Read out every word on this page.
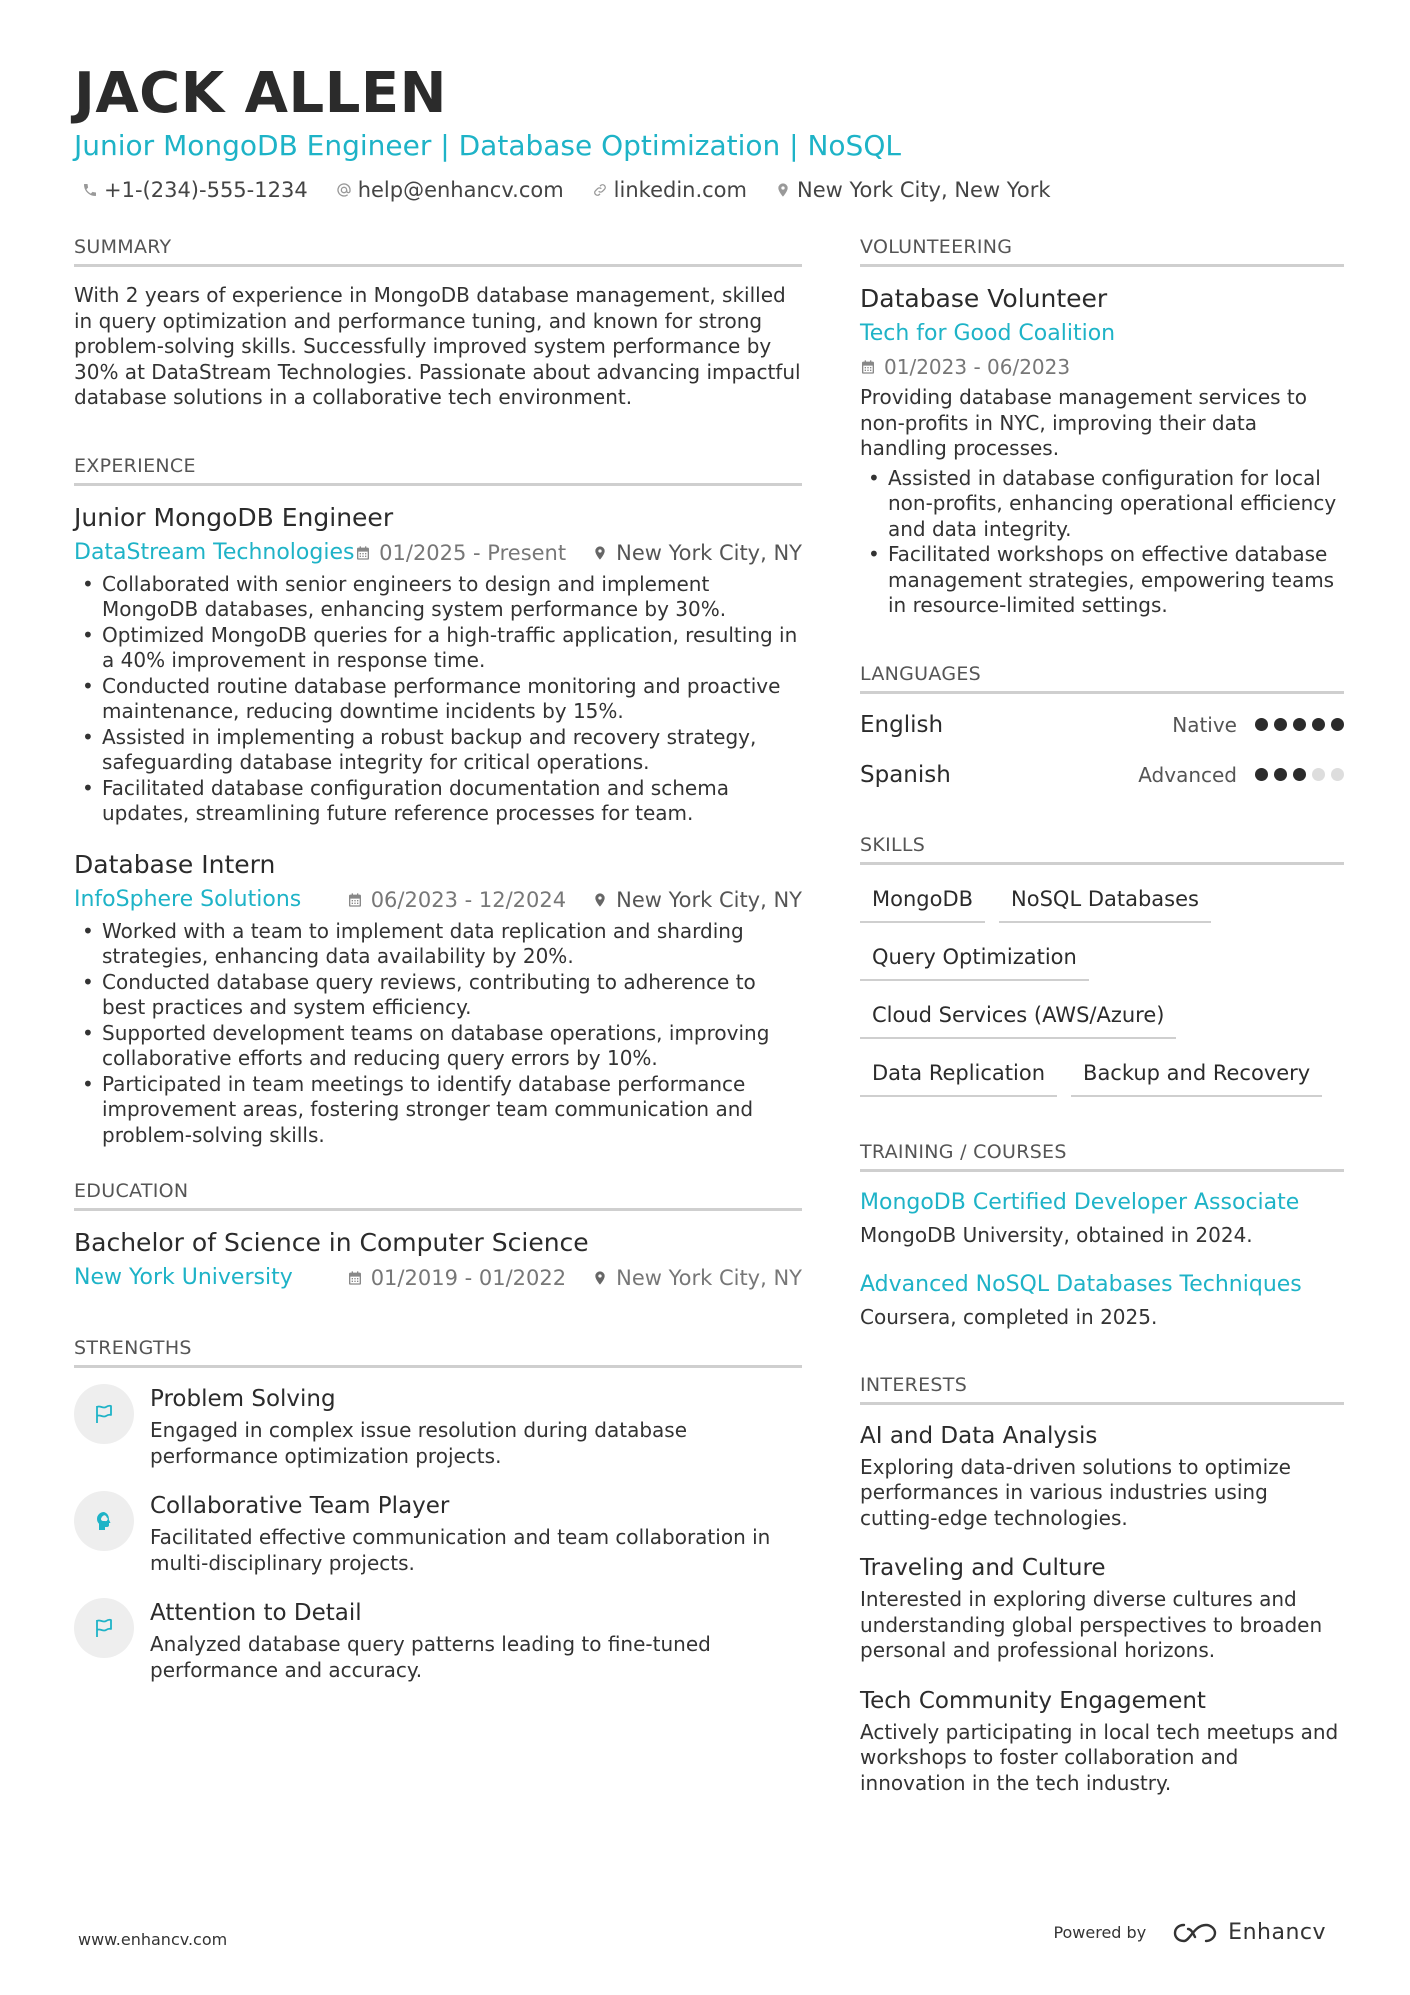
JACK ALLEN
Junior MongoDB Engineer | Database Optimization | NoSQL
+1-(234)-555-1234 help@enhancv.com linkedin.com New York City, New York
SUMMARY
With 2 years of experience in MongoDB database management, skilled in query optimization and performance tuning, and known for strong problem-solving skills. Successfully improved system performance by 30% at DataStream Technologies. Passionate about advancing impactful database solutions in a collaborative tech environment.
EXPERIENCE
Junior MongoDB Engineer
DataStream Technologies 01/2025 - Present New York City, NY
• Collaborated with senior engineers to design and implement MongoDB databases, enhancing system performance by 30%.
• Optimized MongoDB queries for a high-traffic application, resulting in a 40% improvement in response time.
• Conducted routine database performance monitoring and proactive maintenance, reducing downtime incidents by 15%.
• Assisted in implementing a robust backup and recovery strategy, safeguarding database integrity for critical operations.
• Facilitated database configuration documentation and schema updates, streamlining future reference processes for team.
Database Intern
InfoSphere Solutions	06/2023 - 12/2024 New York City, NY
• Worked with a team to implement data replication and sharding strategies, enhancing data availability by 20%.
• Conducted database query reviews, contributing to adherence to best practices and system efficiency.
• Supported development teams on database operations, improving collaborative efforts and reducing query errors by 10%.
• Participated in team meetings to identify database performance improvement areas, fostering stronger team communication and problem-solving skills.
EDUCATION
Bachelor of Science in Computer Science
New York University	01/2019 - 01/2022 New York City, NY
STRENGTHS
Problem Solving
Engaged in complex issue resolution during database performance optimization projects.
Collaborative Team Player
Facilitated effective communication and team collaboration in multi-disciplinary projects.
Attention to Detail
Analyzed database query patterns leading to fine-tuned performance and accuracy.
VOLUNTEERING
Database Volunteer
Tech for Good Coalition
01/2023 - 06/2023
Providing database management services to non-profits in NYC, improving their data handling processes.
• Assisted in database configuration for local non-profits, enhancing operational efficiency and data integrity.
• Facilitated workshops on effective database management strategies, empowering teams in resource-limited settings.
LANGUAGES
English	Native
Spanish	Advanced
SKILLS
MongoDB	NoSQL Databases
Query Optimization
Cloud Services (AWS/Azure)
Data Replication	Backup and Recovery
TRAINING / COURSES
MongoDB Certified Developer Associate
MongoDB University, obtained in 2024.
Advanced NoSQL Databases Techniques
Coursera, completed in 2025.
INTERESTS
AI and Data Analysis
Exploring data-driven solutions to optimize performances in various industries using cutting-edge technologies.
Traveling and Culture
Interested in exploring diverse cultures and understanding global perspectives to broaden personal and professional horizons.
Tech Community Engagement
Actively participating in local tech meetups and workshops to foster collaboration and innovation in the tech industry.
www.enhancv.com	Powered by	Enhancv
